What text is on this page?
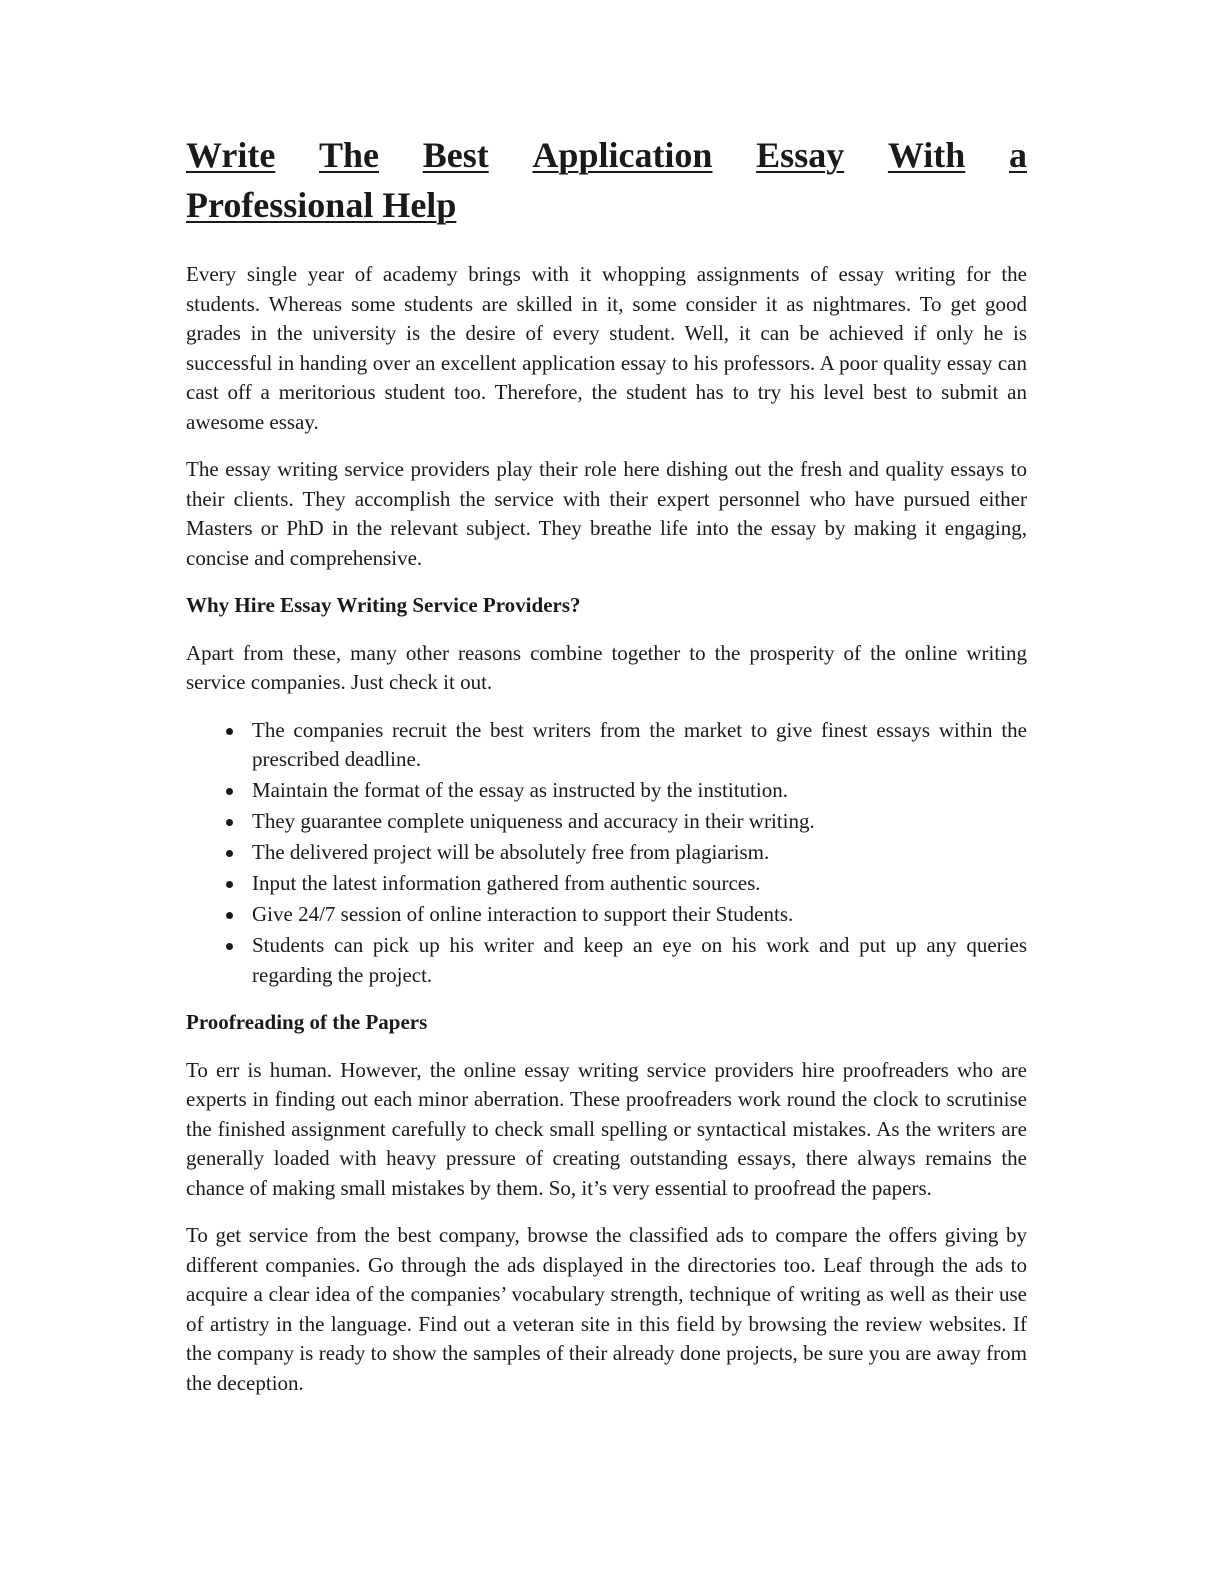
Write The Best Application Essay With a
Professional Help

Every single year of academy brings with it whopping assignments of essay writing for the students. Whereas some students are skilled in it, some consider it as nightmares. To get good grades in the university is the desire of every student. Well, it can be achieved if only he is successful in handing over an excellent application essay to his professors. A poor quality essay can cast off a meritorious student too. Therefore, the student has to try his level best to submit an awesome essay.

The essay writing service providers play their role here dishing out the fresh and quality essays to their clients. They accomplish the service with their expert personnel who have pursued either Masters or PhD in the relevant subject. They breathe life into the essay by making it engaging, concise and comprehensive.

Why Hire Essay Writing Service Providers?

Apart from these, many other reasons combine together to the prosperity of the online writing service companies. Just check it out.

The companies recruit the best writers from the market to give finest essays within the prescribed deadline.
Maintain the format of the essay as instructed by the institution.
They guarantee complete uniqueness and accuracy in their writing.
The delivered project will be absolutely free from plagiarism.
Input the latest information gathered from authentic sources.
Give 24/7 session of online interaction to support their Students.
Students can pick up his writer and keep an eye on his work and put up any queries regarding the project.
Proofreading of the Papers

To err is human. However, the online essay writing service providers hire proofreaders who are experts in finding out each minor aberration. These proofreaders work round the clock to scrutinise the finished assignment carefully to check small spelling or syntactical mistakes. As the writers are generally loaded with heavy pressure of creating outstanding essays, there always remains the chance of making small mistakes by them. So, it’s very essential to proofread the papers.

To get service from the best company, browse the classified ads to compare the offers giving by different companies. Go through the ads displayed in the directories too. Leaf through the ads to acquire a clear idea of the companies’ vocabulary strength, technique of writing as well as their use of artistry in the language. Find out a veteran site in this field by browsing the review websites. If the company is ready to show the samples of their already done projects, be sure you are away from the deception.
